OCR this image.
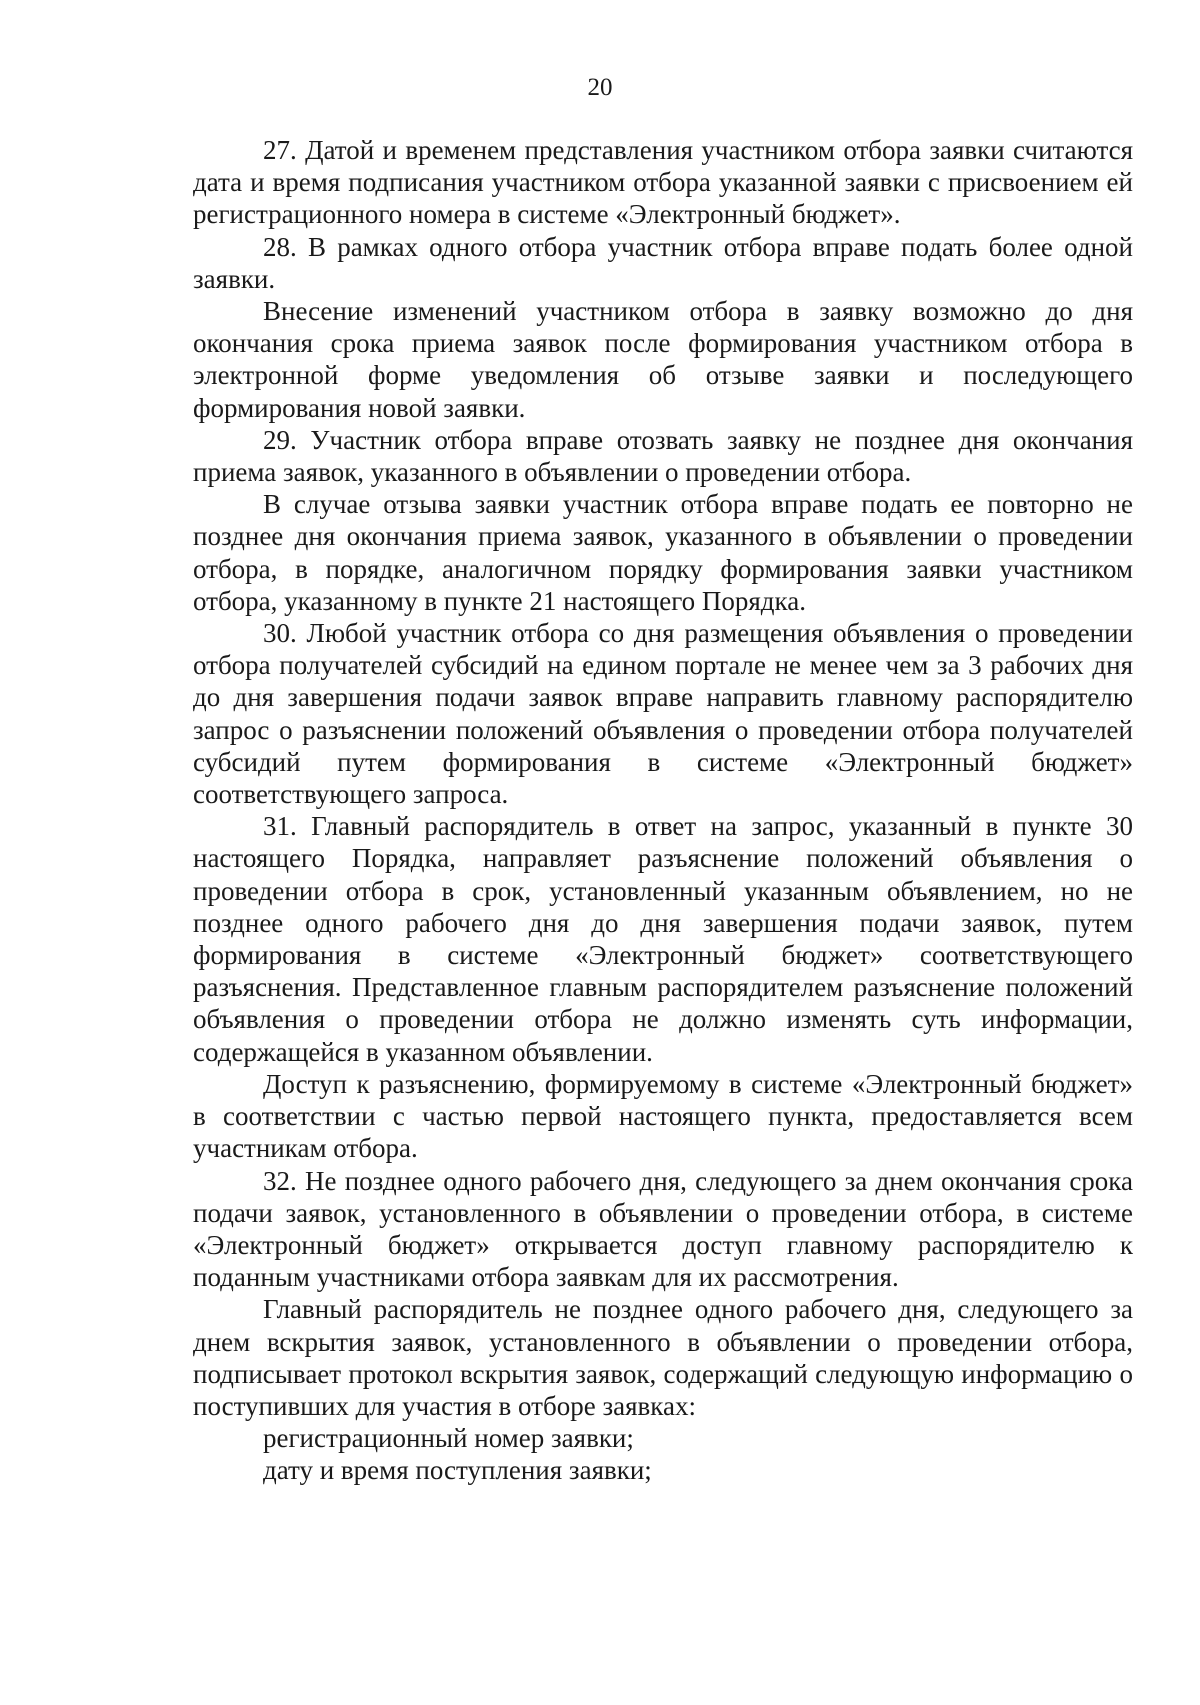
20

27. Датой и временем представления участником отбора заявки считаются дата и время подписания участником отбора указанной заявки с присвоением ей регистрационного номера в системе «Электронный бюджет».

28. В рамках одного отбора участник отбора вправе подать более одной заявки.

Внесение изменений участником отбора в заявку возможно до дня окончания срока приема заявок после формирования участником отбора в электронной форме уведомления об отзыве заявки и последующего формирования новой заявки.

29. Участник отбора вправе отозвать заявку не позднее дня окончания приема заявок, указанного в объявлении о проведении отбора.

В случае отзыва заявки участник отбора вправе подать ее повторно не позднее дня окончания приема заявок, указанного в объявлении о проведении отбора, в порядке, аналогичном порядку формирования заявки участником отбора, указанному в пункте 21 настоящего Порядка.

30. Любой участник отбора со дня размещения объявления о проведении отбора получателей субсидий на едином портале не менее чем за 3 рабочих дня до дня завершения подачи заявок вправе направить главному распорядителю запрос о разъяснении положений объявления о проведении отбора получателей субсидий путем формирования в системе «Электронный бюджет» соответствующего запроса.

31. Главный распорядитель в ответ на запрос, указанный в пункте 30 настоящего Порядка, направляет разъяснение положений объявления о проведении отбора в срок, установленный указанным объявлением, но не позднее одного рабочего дня до дня завершения подачи заявок, путем формирования в системе «Электронный бюджет» соответствующего разъяснения. Представленное главным распорядителем разъяснение положений объявления о проведении отбора не должно изменять суть информации, содержащейся в указанном объявлении.

Доступ к разъяснению, формируемому в системе «Электронный бюджет» в соответствии с частью первой настоящего пункта, предоставляется всем участникам отбора.

32. Не позднее одного рабочего дня, следующего за днем окончания срока подачи заявок, установленного в объявлении о проведении отбора, в системе «Электронный бюджет» открывается доступ главному распорядителю к поданным участниками отбора заявкам для их рассмотрения.

Главный распорядитель не позднее одного рабочего дня, следующего за днем вскрытия заявок, установленного в объявлении о проведении отбора, подписывает протокол вскрытия заявок, содержащий следующую информацию о поступивших для участия в отборе заявках:

регистрационный номер заявки;

дату и время поступления заявки;
